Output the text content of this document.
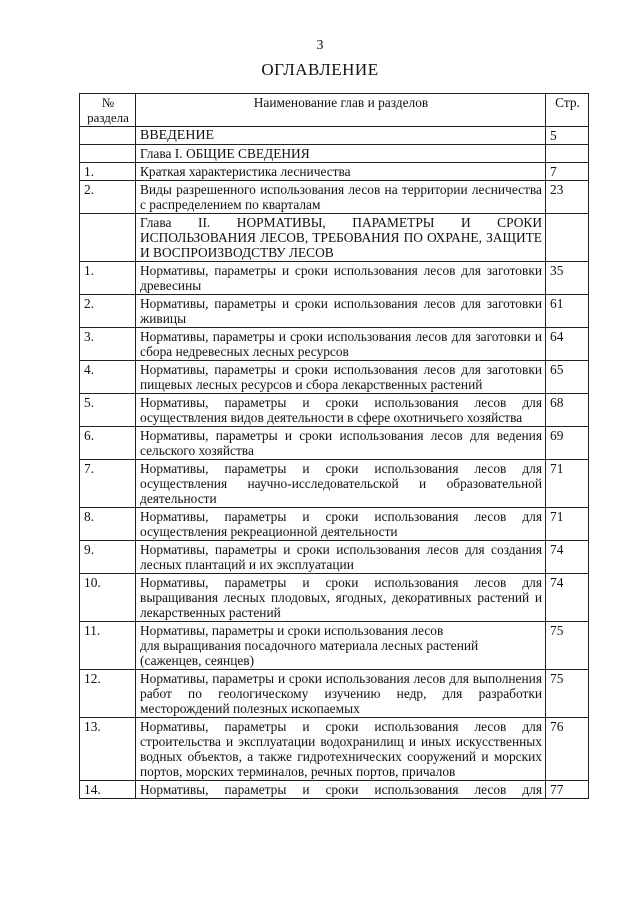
3
ОГЛАВЛЕНИЕ
№ раздела	Наименование глав и разделов	Стр.
	ВВЕДЕНИЕ	5
	Глава I. ОБЩИЕ СВЕДЕНИЯ	
1.	Краткая характеристика лесничества	7
2.	Виды разрешенного использования лесов на территории лесничества с распределением по кварталам	23
	Глава II. НОРМАТИВЫ, ПАРАМЕТРЫ И СРОКИ ИСПОЛЬЗОВАНИЯ ЛЕСОВ, ТРЕБОВАНИЯ ПО ОХРАНЕ, ЗАЩИТЕ И ВОСПРОИЗВОДСТВУ ЛЕСОВ	
1.	Нормативы, параметры и сроки использования лесов для заготовки древесины	35
2.	Нормативы, параметры и сроки использования лесов для заготовки живицы	61
3.	Нормативы, параметры и сроки использования лесов для заготовки и сбора недревесных лесных ресурсов	64
4.	Нормативы, параметры и сроки использования лесов для заготовки пищевых лесных ресурсов и сбора лекарственных растений	65
5.	Нормативы, параметры и сроки использования лесов для осуществления видов деятельности в сфере охотничьего хозяйства	68
6.	Нормативы, параметры и сроки использования лесов для ведения сельского хозяйства	69
7.	Нормативы, параметры и сроки использования лесов для осуществления научно-исследовательской и образовательной деятельности	71
8.	Нормативы, параметры и сроки использования лесов для осуществления рекреационной деятельности	71
9.	Нормативы, параметры и сроки использования лесов для создания лесных плантаций и их эксплуатации	74
10.	Нормативы, параметры и сроки использования лесов для выращивания лесных плодовых, ягодных, декоративных растений и лекарственных растений	74
11.	Нормативы, параметры и сроки использования лесов
для выращивания посадочного материала лесных растений (саженцев, сеянцев)	75
12.	Нормативы, параметры и сроки использования лесов для выполнения работ по геологическому изучению недр, для разработки месторождений полезных ископаемых	75
13.	Нормативы, параметры и сроки использования лесов для строительства и эксплуатации водохранилищ и иных искусственных водных объектов, а также гидротехнических сооружений и морских портов, морских терминалов, речных портов, причалов	76
14.	Нормативы, параметры и сроки использования лесов для	77
